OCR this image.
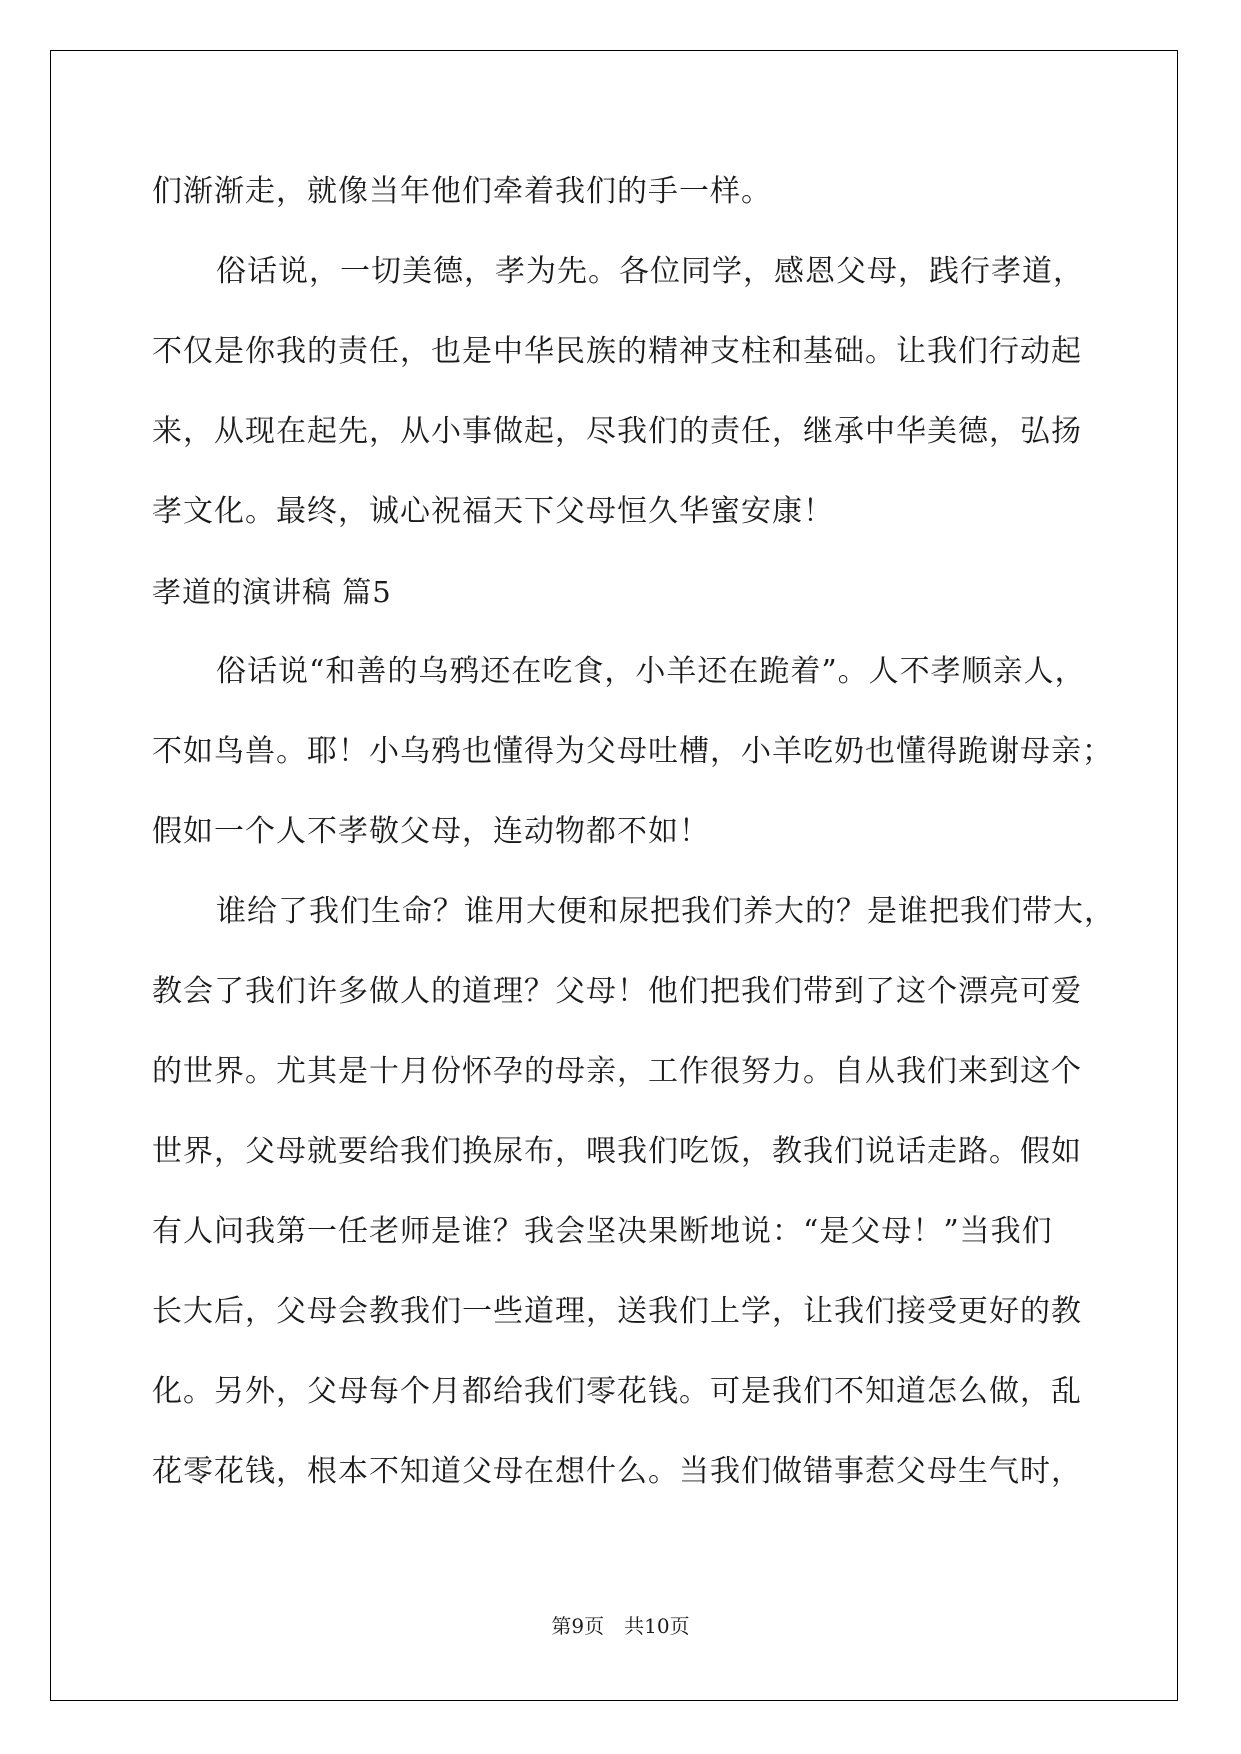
们渐渐走，就像当年他们牵着我们的手一样。
俗话说，一切美德，孝为先。各位同学，感恩父母，践行孝道，
不仅是你我的责任，也是中华民族的精神支柱和基础。让我们行动起
来，从现在起先，从小事做起，尽我们的责任，继承中华美德，弘扬
孝文化。最终，诚心祝福天下父母恒久华蜜安康！
孝道的演讲稿 篇5
俗话说“和善的乌鸦还在吃食，小羊还在跪着”。人不孝顺亲人，
不如鸟兽。耶！小乌鸦也懂得为父母吐槽，小羊吃奶也懂得跪谢母亲；
假如一个人不孝敬父母，连动物都不如！
谁给了我们生命？谁用大便和尿把我们养大的？是谁把我们带大，
教会了我们许多做人的道理？父母！他们把我们带到了这个漂亮可爱
的世界。尤其是十月份怀孕的母亲，工作很努力。自从我们来到这个
世界，父母就要给我们换尿布，喂我们吃饭，教我们说话走路。假如
有人问我第一任老师是谁？我会坚决果断地说：“是父母！”当我们
长大后，父母会教我们一些道理，送我们上学，让我们接受更好的教
化。另外，父母每个月都给我们零花钱。可是我们不知道怎么做，乱
花零花钱，根本不知道父母在想什么。当我们做错事惹父母生气时，
第9页　共10页
